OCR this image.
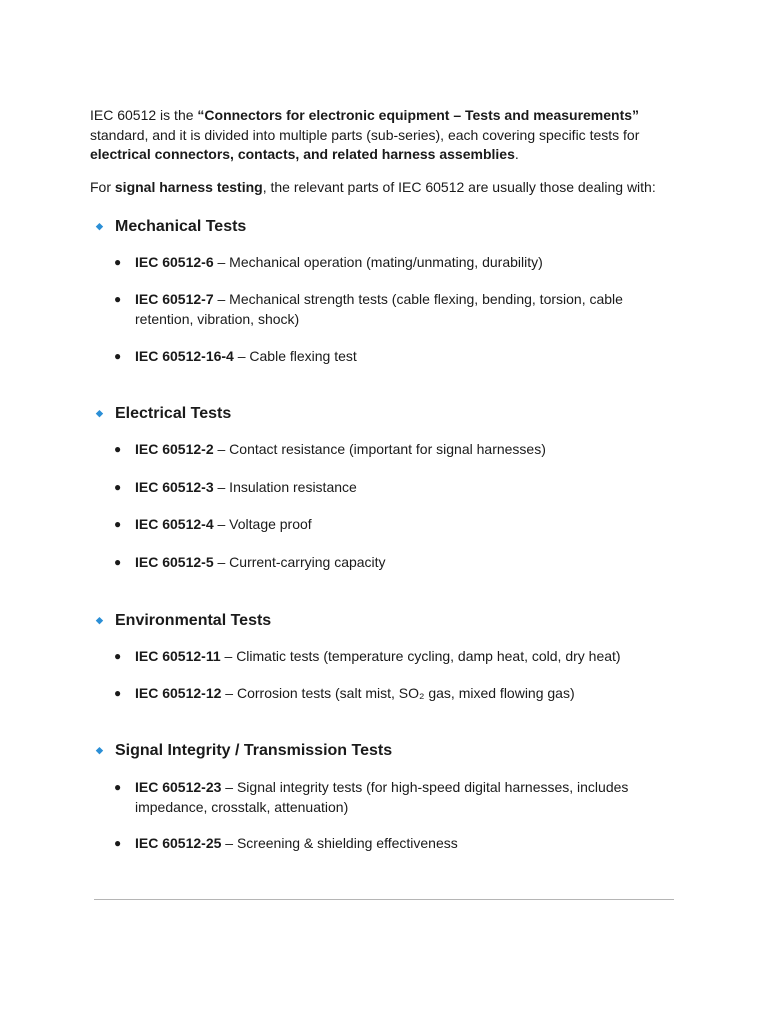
IEC 60512 is the “Connectors for electronic equipment – Tests and measurements” standard, and it is divided into multiple parts (sub-series), each covering specific tests for electrical connectors, contacts, and related harness assemblies.

For signal harness testing, the relevant parts of IEC 60512 are usually those dealing with:

◆ Mechanical Tests

● IEC 60512-6 – Mechanical operation (mating/unmating, durability)

● IEC 60512-7 – Mechanical strength tests (cable flexing, bending, torsion, cable retention, vibration, shock)

● IEC 60512-16-4 – Cable flexing test

◆ Electrical Tests

● IEC 60512-2 – Contact resistance (important for signal harnesses)

● IEC 60512-3 – Insulation resistance

● IEC 60512-4 – Voltage proof

● IEC 60512-5 – Current-carrying capacity

◆ Environmental Tests

● IEC 60512-11 – Climatic tests (temperature cycling, damp heat, cold, dry heat)

● IEC 60512-12 – Corrosion tests (salt mist, SO₂ gas, mixed flowing gas)

◆ Signal Integrity / Transmission Tests

● IEC 60512-23 – Signal integrity tests (for high-speed digital harnesses, includes impedance, crosstalk, attenuation)

● IEC 60512-25 – Screening & shielding effectiveness
